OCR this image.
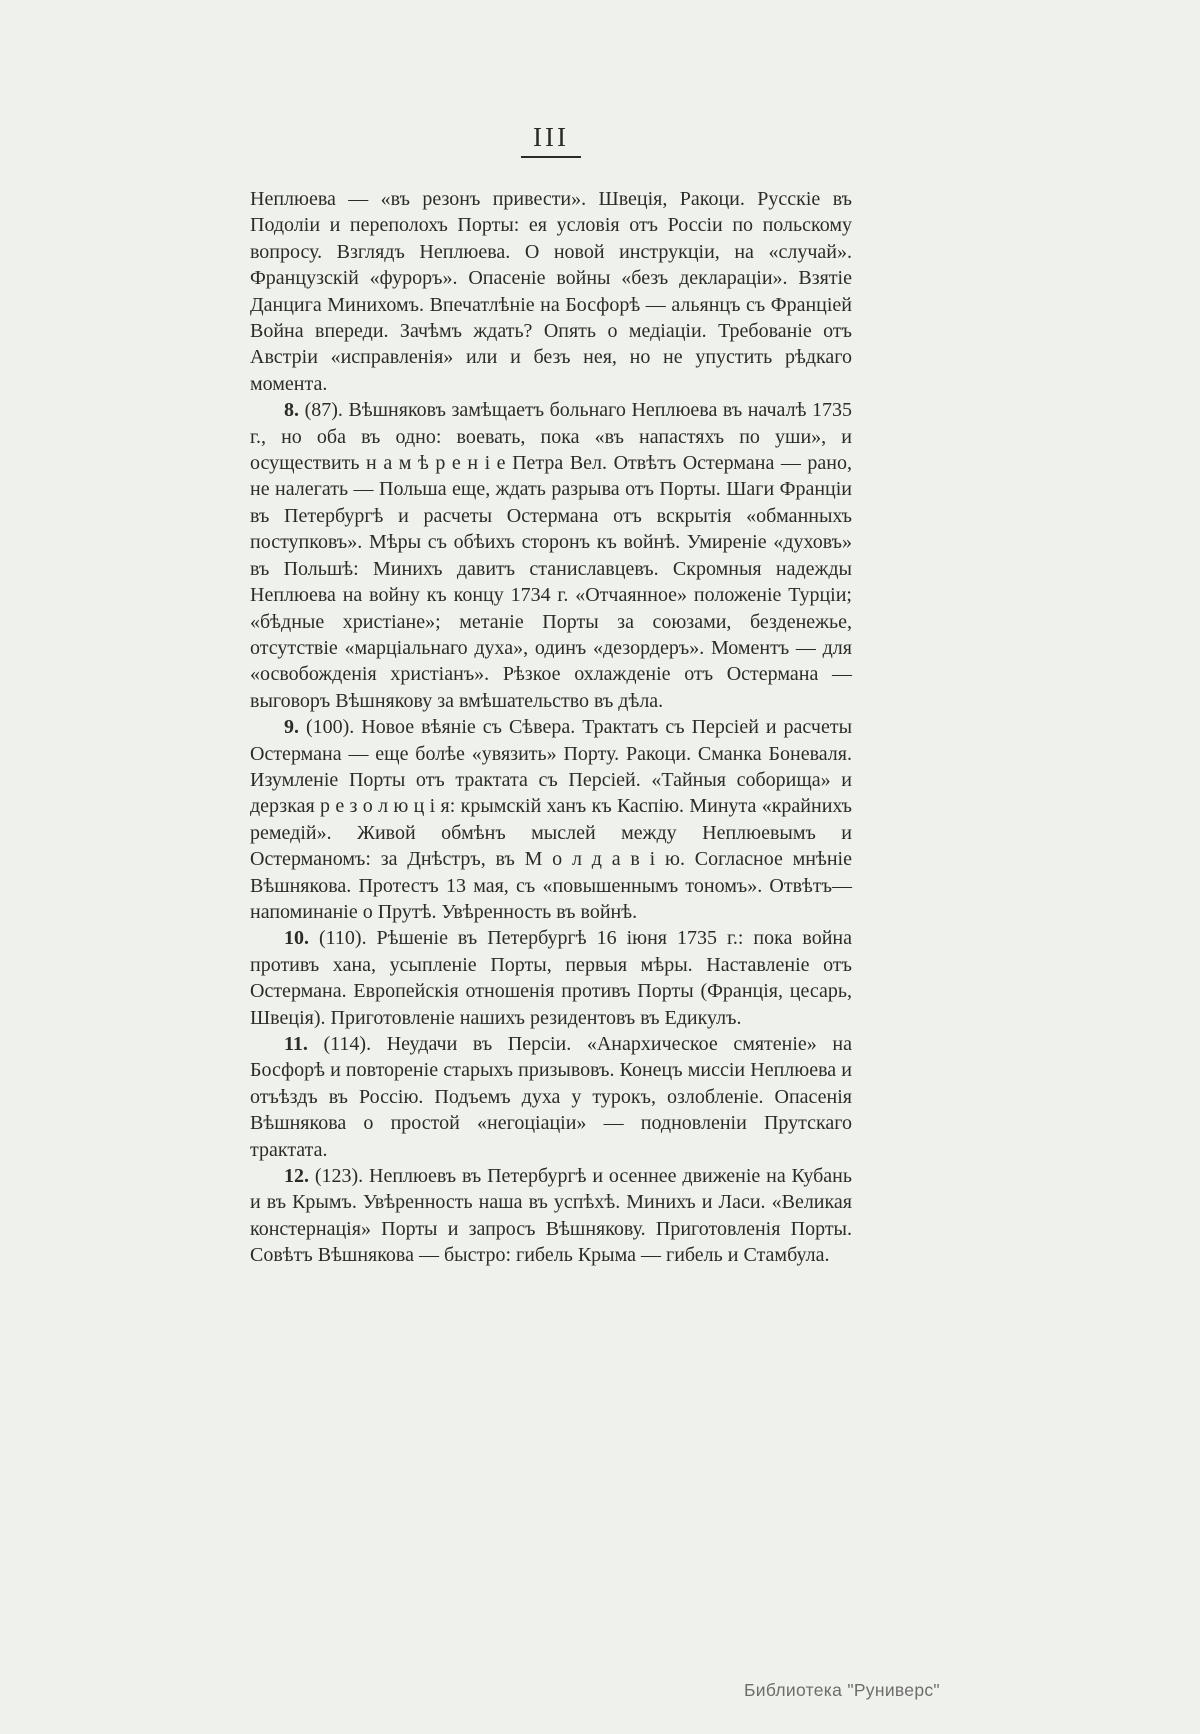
III

Неплюева — «въ резонъ привести». Швеція, Ракоци. Русскіе въ Подоліи и переполохъ Порты: ея условія отъ Россіи по польскому вопросу. Взглядъ Неплюева. О новой инструкціи, на «случай». Французскій «фуроръ». Опасеніе войны «безъ деклараціи». Взятіе Данцига Минихомъ. Впечатлѣніе на Босфорѣ — альянцъ съ Франціей Война впереди. Зачѣмъ ждать? Опять о медіаціи. Требованіе отъ Австріи «исправленія» или и безъ нея, но не упустить рѣдкаго момента.

8. (87). Вѣшняковъ замѣщаетъ больнаго Неплюева въ началѣ 1735 г., но оба въ одно: воевать, пока «въ напастяхъ по уши», и осуществить н а м ѣ р е н і е Петра Вел. Отвѣтъ Остермана — рано, не налегать — Польша еще, ждать разрыва отъ Порты. Шаги Франціи въ Петербургѣ и расчеты Остермана отъ вскрытія «обманныхъ поступковъ». Мѣры съ обѣихъ сторонъ къ войнѣ. Умиреніе «духовъ» въ Польшѣ: Минихъ давитъ станиславцевъ. Скромныя надежды Неплюева на войну къ концу 1734 г. «Отчаянное» положеніе Турціи; «бѣдные христіане»; метаніе Порты за союзами, безденежье, отсутствіе «марціальнаго духа», одинъ «дезордеръ». Моментъ — для «освобожденія христіанъ». Рѣзкое охлажденіе отъ Остермана — выговоръ Вѣшнякову за вмѣшательство въ дѣла.

9. (100). Новое вѣяніе съ Сѣвера. Трактатъ съ Персіей и расчеты Остермана — еще болѣе «увязить» Порту. Ракоци. Сманка Боневаля. Изумленіе Порты отъ трактата съ Персіей. «Тайныя соборища» и дерзкая р е з о л ю ц і я: крымскій ханъ къ Каспію. Минута «крайнихъ ремедій». Живой обмѣнъ мыслей между Неплюевымъ и Остерманомъ: за Днѣстръ, въ М о л д а в і ю. Согласное мнѣніе Вѣшнякова. Протестъ 13 мая, съ «повышеннымъ тономъ». Отвѣтъ—напоминаніе о Прутѣ. Увѣренность въ войнѣ.

10. (110). Рѣшеніе въ Петербургѣ 16 іюня 1735 г.: пока война противъ хана, усыпленіе Порты, первыя мѣры. Наставленіе отъ Остермана. Европейскія отношенія противъ Порты (Франція, цесарь, Швеція). Приготовленіе нашихъ резидентовъ въ Едикулъ.

11. (114). Неудачи въ Персіи. «Анархическое смятеніе» на Босфорѣ и повтореніе старыхъ призывовъ. Конецъ миссіи Неплюева и отъѣздъ въ Россію. Подъемъ духа у турокъ, озлобленіе. Опасенія Вѣшнякова о простой «негоціаціи» — подновленіи Прутскаго трактата.

12. (123). Неплюевъ въ Петербургѣ и осеннее движеніе на Кубань и въ Крымъ. Увѣренность наша въ успѣхѣ. Минихъ и Ласи. «Великая констернація» Порты и запросъ Вѣшнякову. Приготовленія Порты. Совѣтъ Вѣшнякова — быстро: гибель Крыма — гибель и Стамбула.

Библиотека "Руниверс"
